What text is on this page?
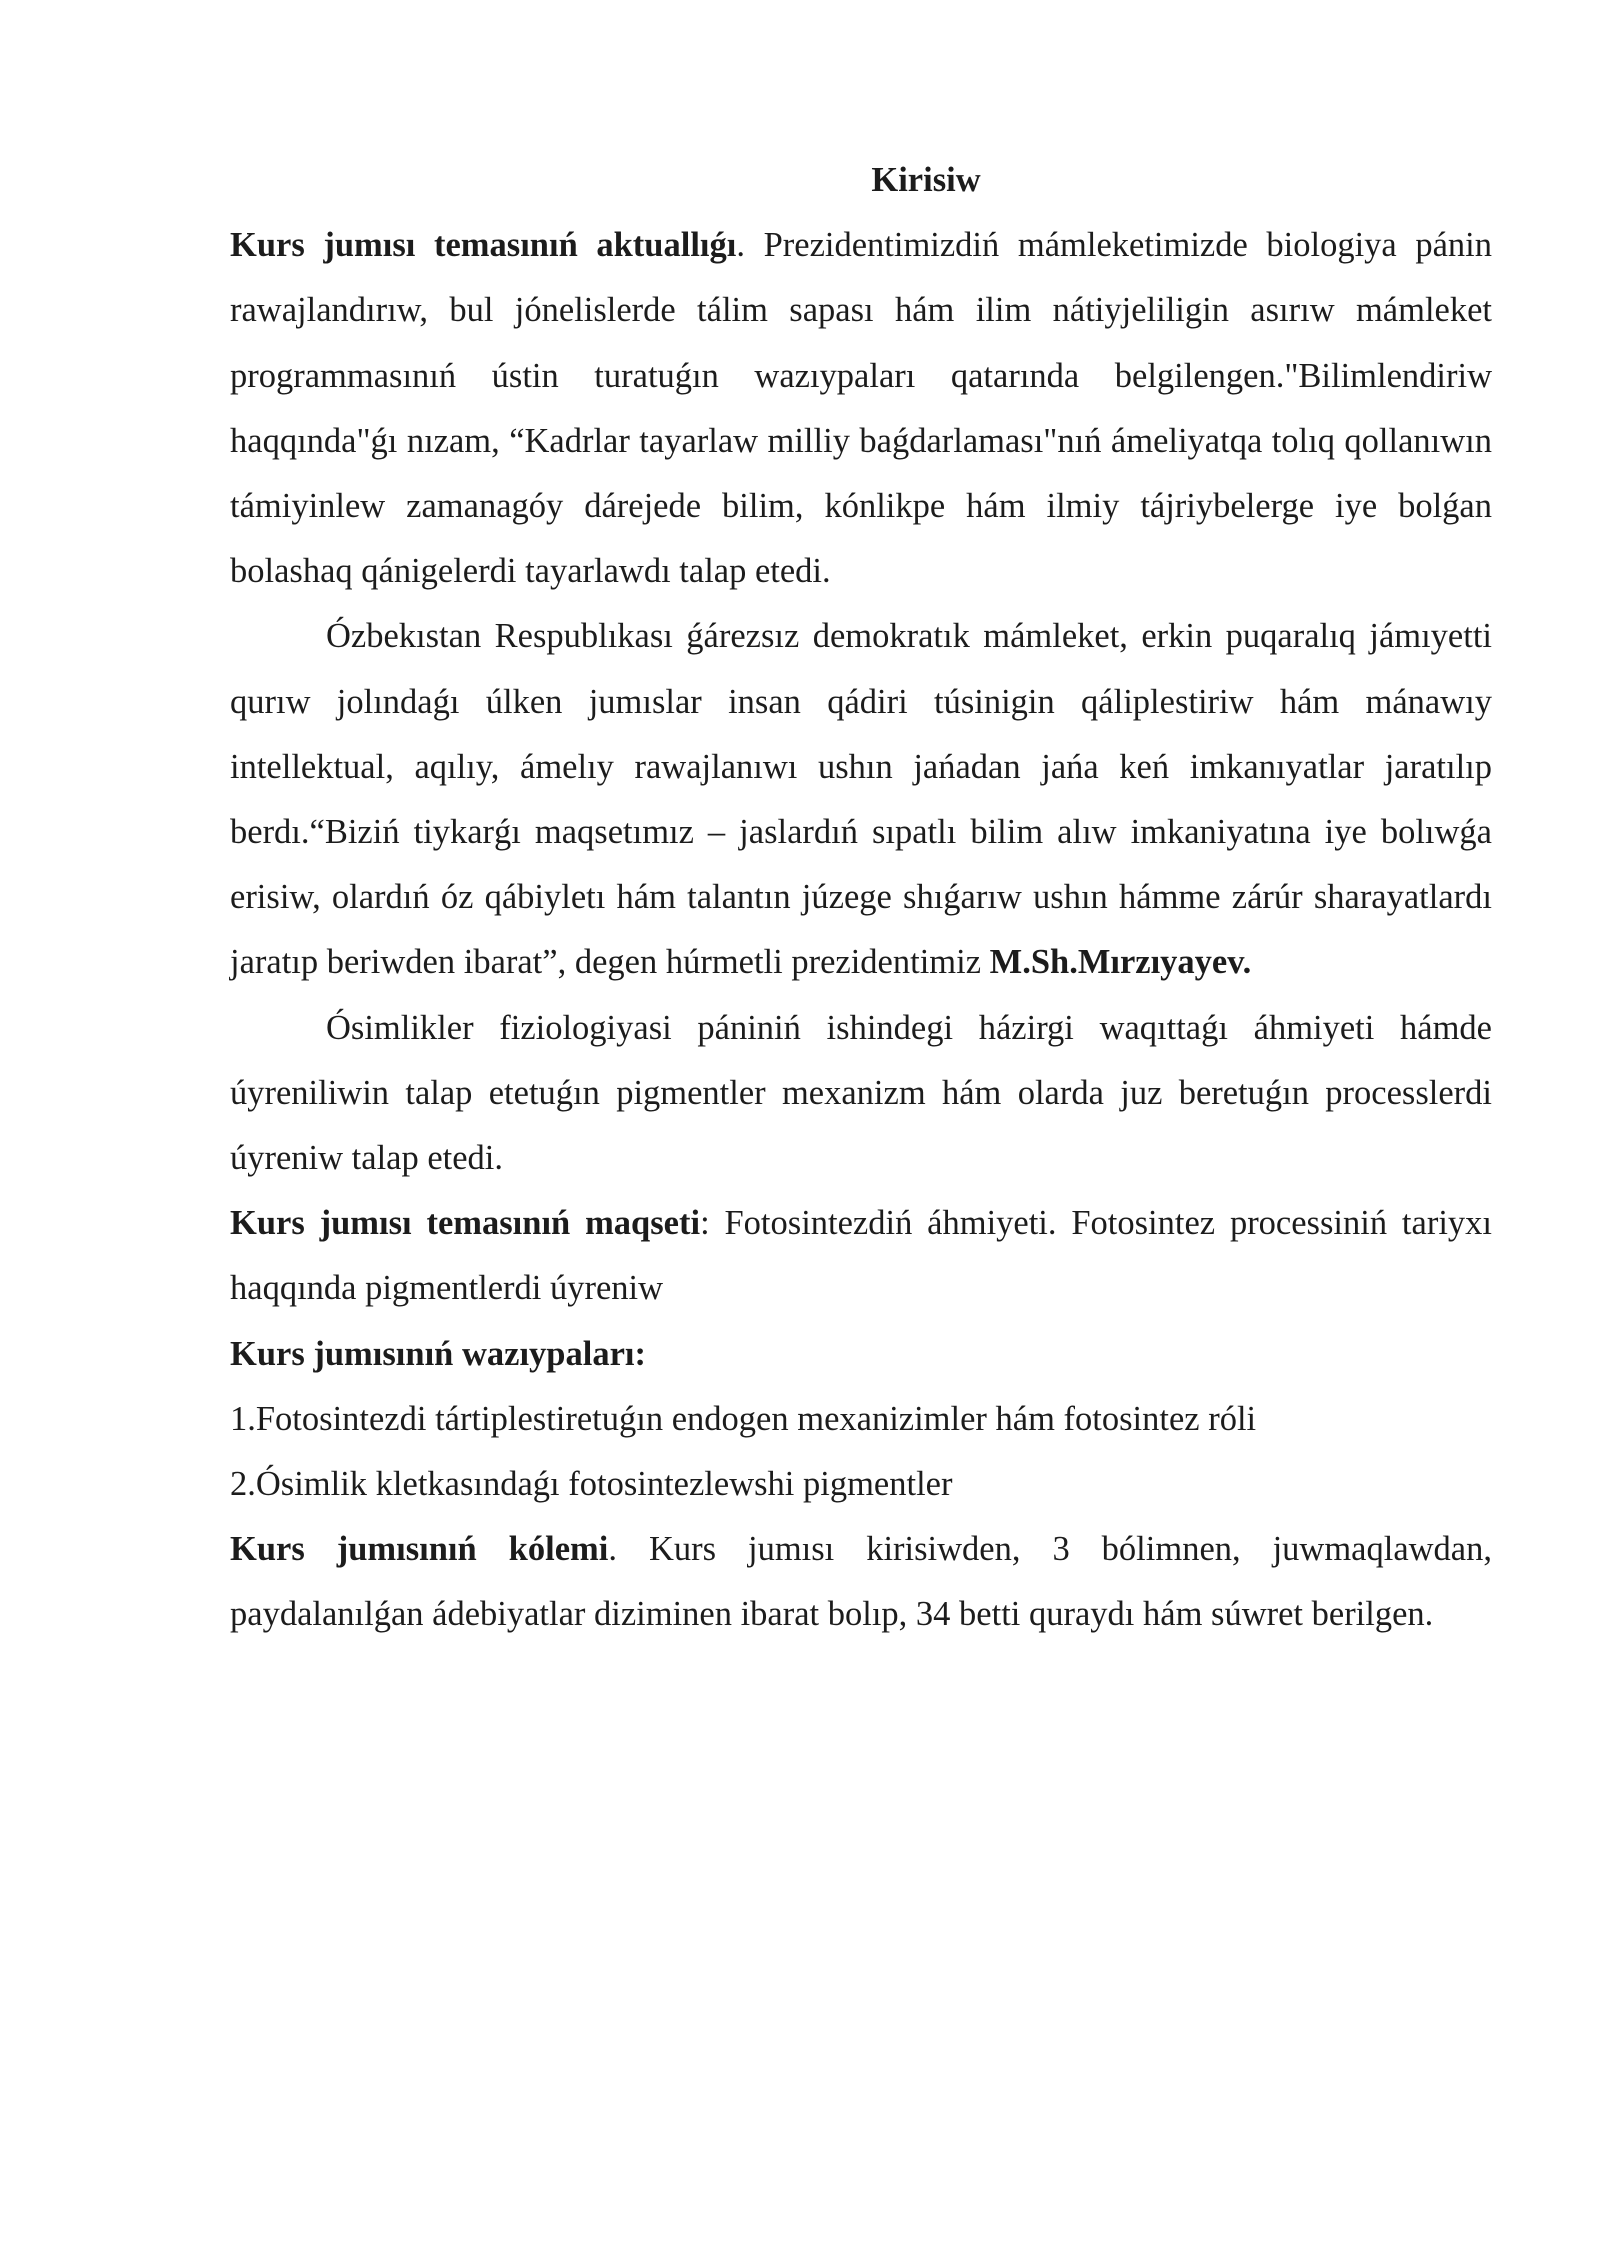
Kirisiw

Kurs jumısı temasınıń aktuallıǵı. Prezidentimizdiń mámleketimizde biologiya pánin rawajlandırıw, bul jónelislerde tálim sapası hám ilim nátiyjeliligin asırıw mámleket programmasınıń ústin turatuǵın wazıypaları qatarında belgilengen."Bilimlendiriw haqqında"ǵı nızam, “Kadrlar tayarlaw milliy baǵdarlaması"nıń ámeliyatqa tolıq qollanıwın támiyinlew zamanagóy dárejede bilim, kónlikpe hám ilmiy tájriybelerge iye bolǵan bolashaq qánigelerdi tayarlawdı talap etedi.

Ózbekıstan Respublıkası ǵárezsız demokratık mámleket, erkin puqaralıq jámıyetti qurıw jolındaǵı úlken jumıslar insan qádiri túsinigin qáliplestiriw hám mánawıy intellektual, aqılıy, ámelıy rawajlanıwı ushın jańadan jańa keń imkanıyatlar jaratılıp berdı.“Biziń tiykarǵı maqsetımız – jaslardıń sıpatlı bilim alıw imkaniyatına iye bolıwǵa erisiw, olardıń óz qábiyletı hám talantın júzege shıǵarıw ushın hámme zárúr sharayatlardı jaratıp beriwden ibarat”, degen húrmetli prezidentimiz M.Sh.Mırzıyayev.

Ósimlikler fiziologiyasi pániniń ishindegi házirgi waqıttaǵı áhmiyeti hámde úyreniliwin talap etetuǵın pigmentler mexanizm hám olarda juz beretuǵın processlerdi úyreniw talap etedi.

Kurs jumısı temasınıń maqseti: Fotosintezdiń áhmiyeti. Fotosintez processiniń tariyxı haqqında pigmentlerdi úyreniw

Kurs jumısınıń wazıypaları:

1.Fotosintezdi tártiplestiretuǵın endogen mexanizimler hám fotosintez róli

2.Ósimlik kletkasındaǵı fotosintezlewshi pigmentler

Kurs jumısınıń kólemi. Kurs jumısı kirisiwden, 3 bólimnen, juwmaqlawdan, paydalanılǵan ádebiyatlar diziminen ibarat bolıp, 34 betti quraydı hám súwret berilgen.
